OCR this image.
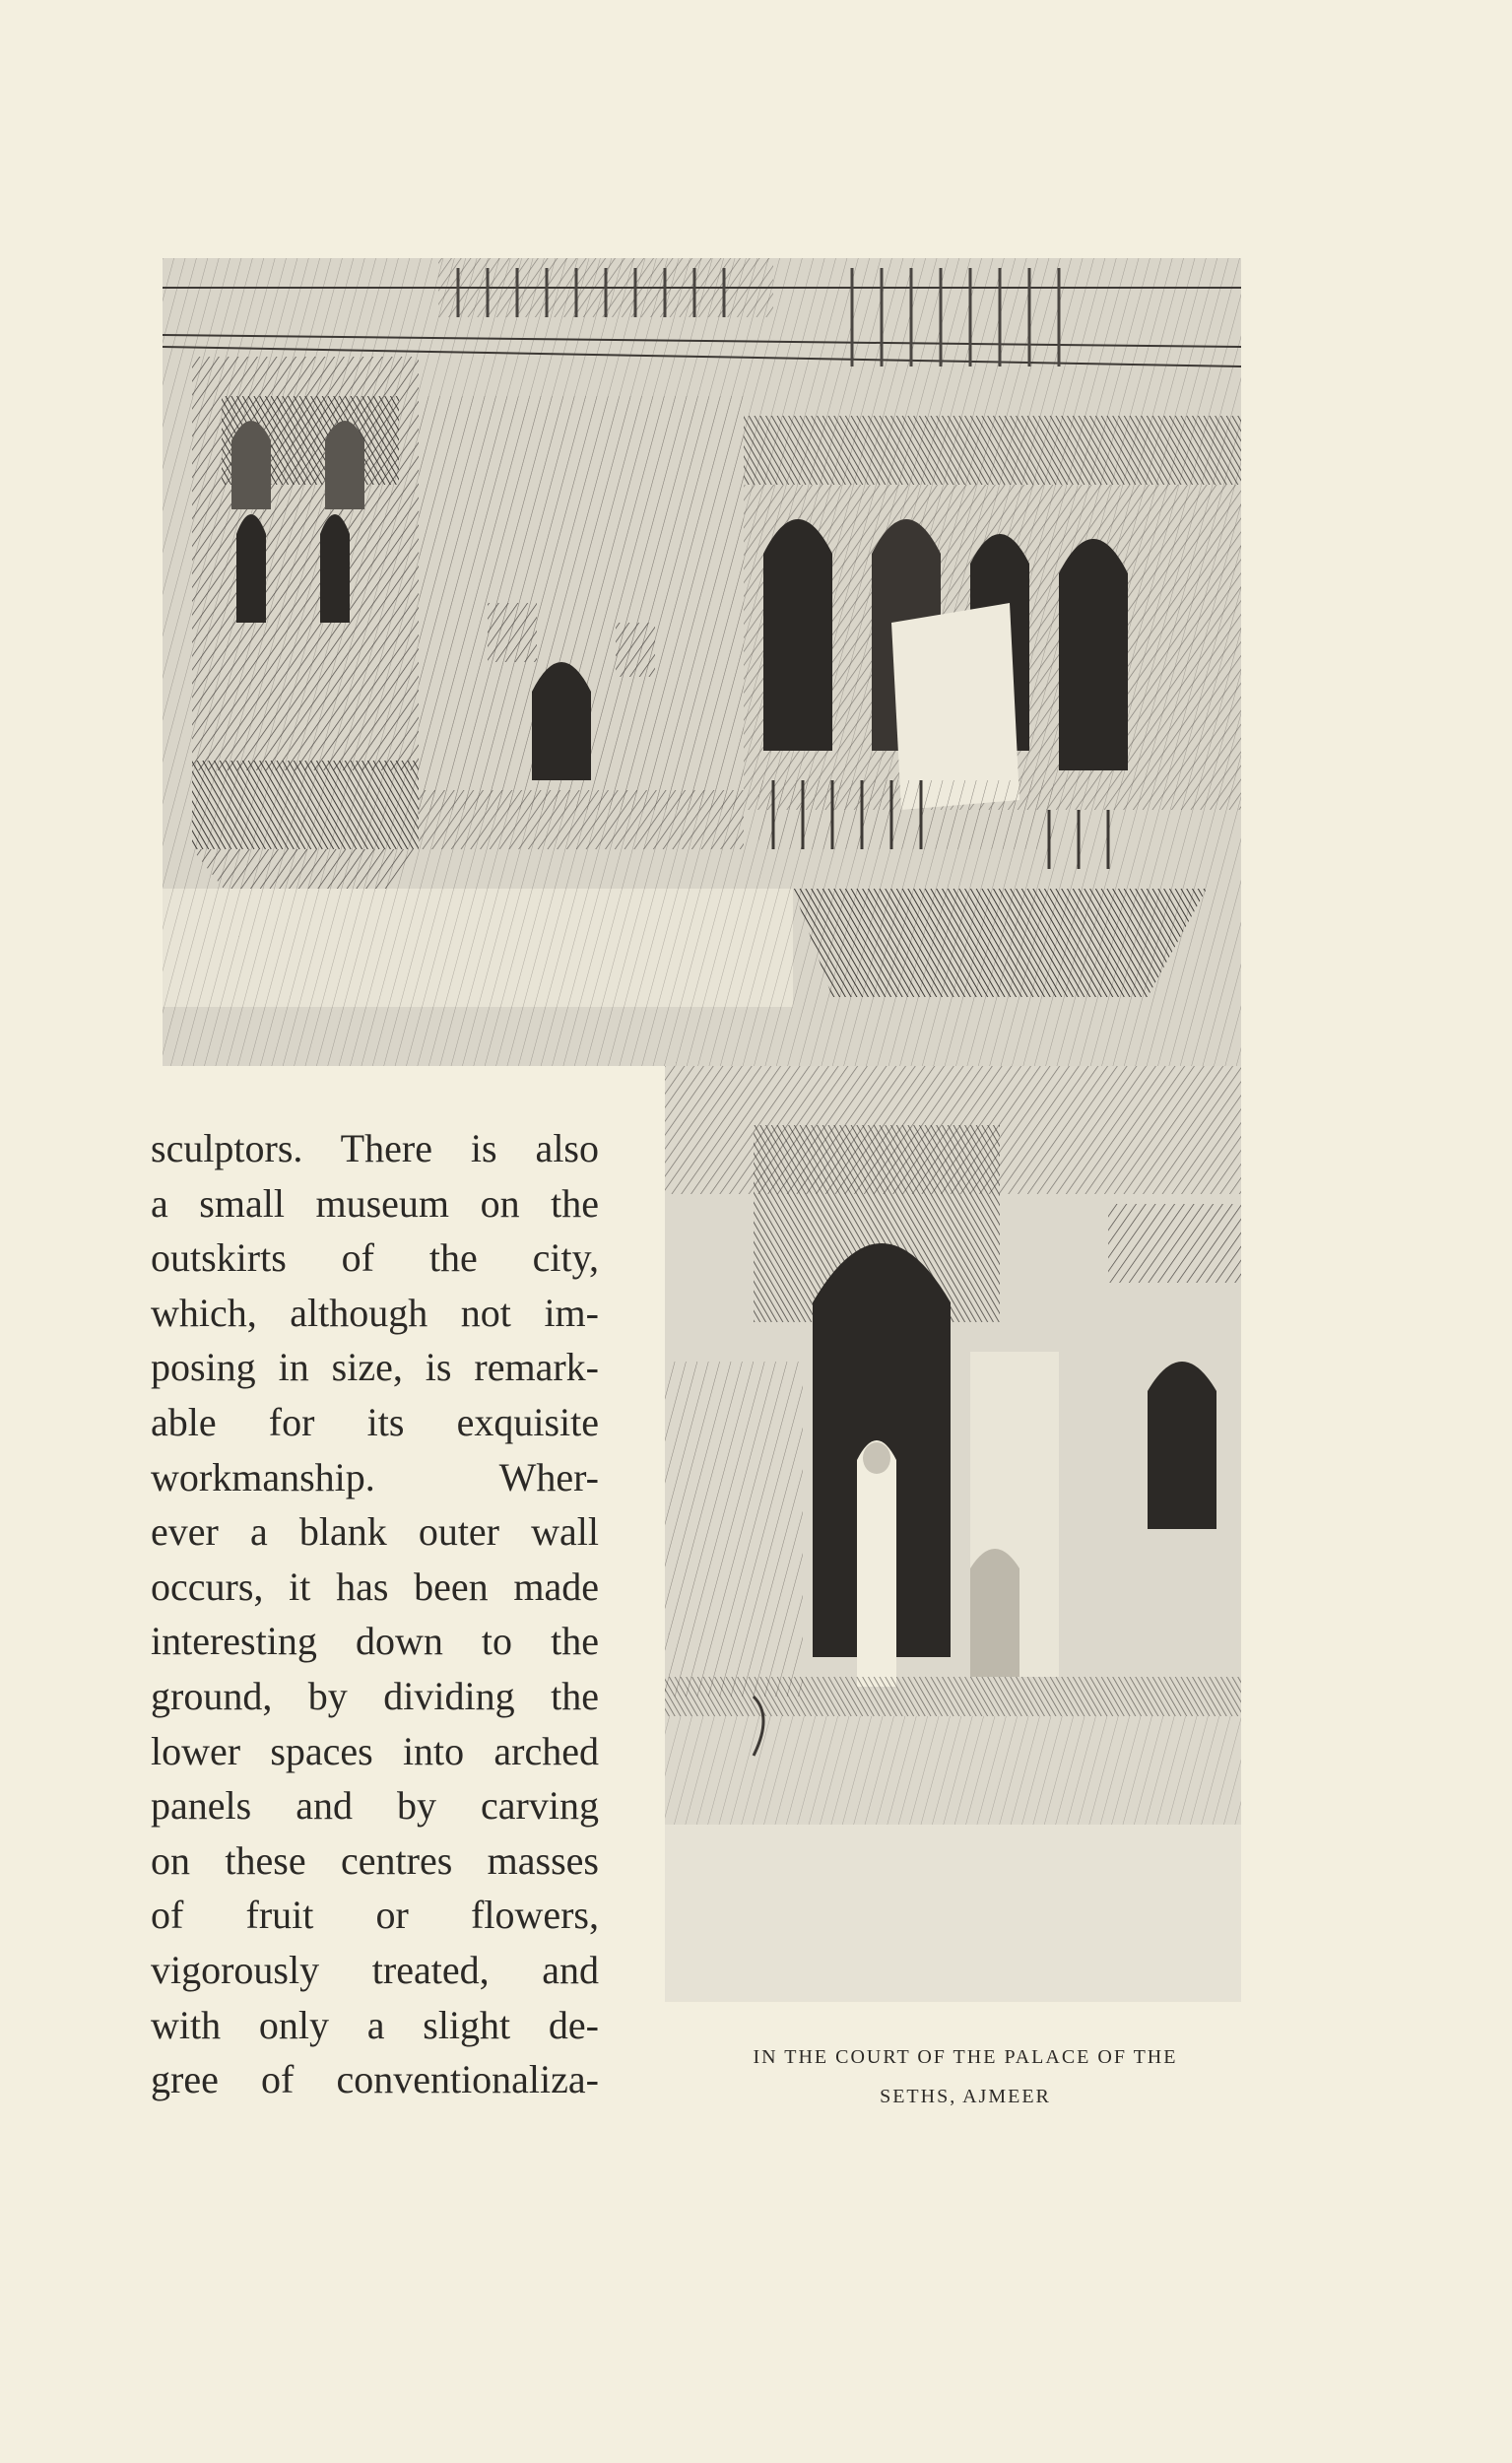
sculptors. There is also
a small museum on the
outskirts of the city,
which, although not im-
posing in size, is remark-
able for its exquisite
workmanship. Wher-
ever a blank outer wall
occurs, it has been made
interesting down to the
ground, by dividing the
lower spaces into arched
panels and by carving
on these centres masses
of fruit or flowers,
vigorously treated, and
with only a slight de-
gree of conventionaliza-
IN THE COURT OF THE PALACE OF THE
SETHS, AJMEER
